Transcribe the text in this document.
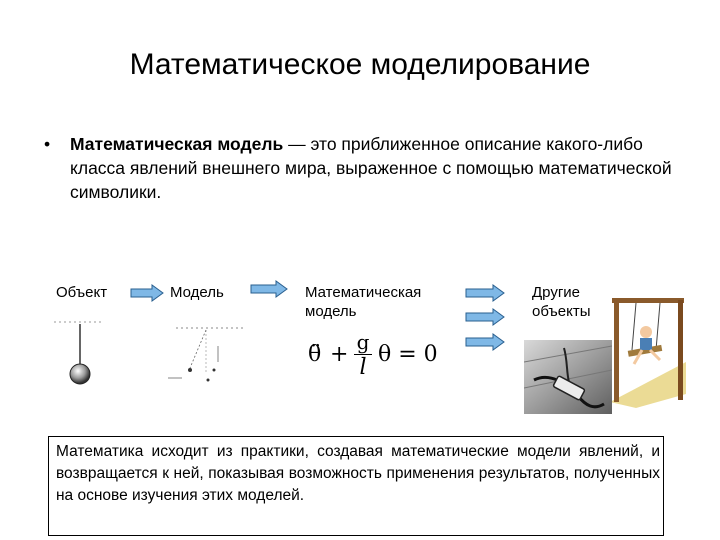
Математическое моделирование
• Математическая модель — это приближенное описание какого-либо класса явлений внешнего мира, выраженное с помощью математической символики.
Объект	Модель	Математическая
модель
Другие
объекты
θ̈ + g
l
θ = 0
Математика исходит из практики, создавая математические модели явлений, и возвращается к ней, показывая возможность применения результатов, полученных на основе изучения этих моделей.
